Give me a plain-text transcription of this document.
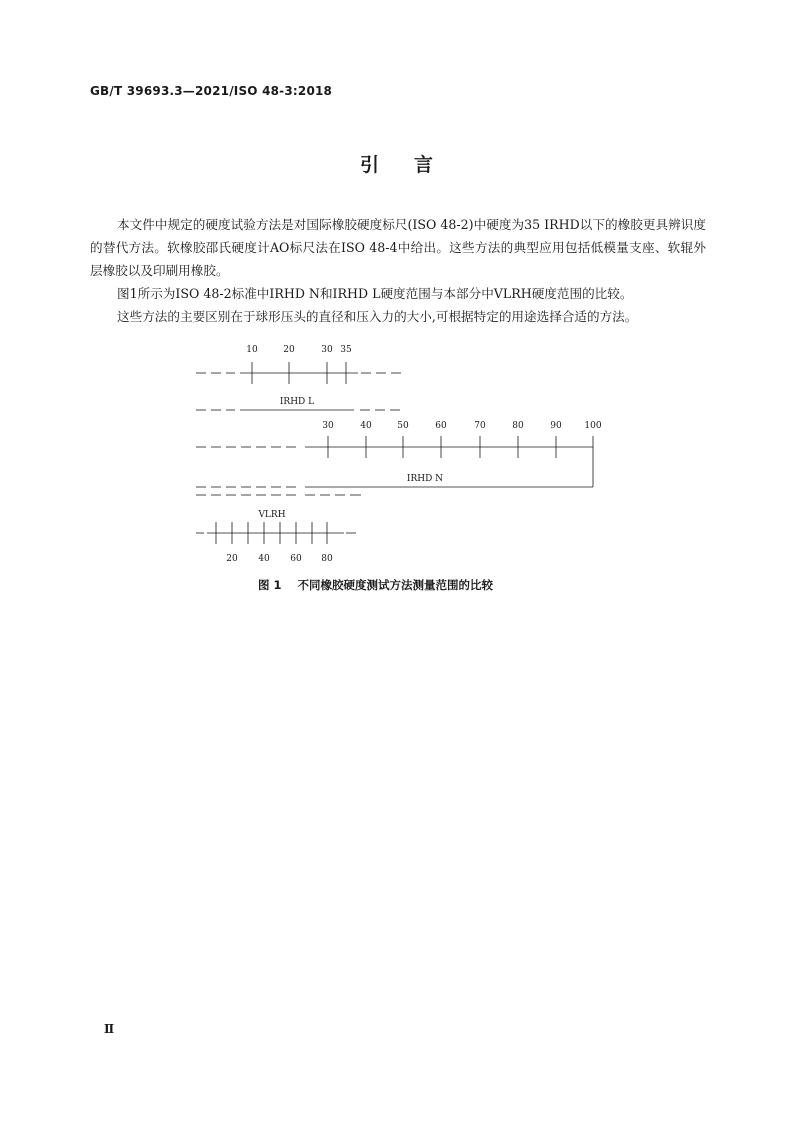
GB/T 39693.3—2021/ISO 48-3:2018
引 言

本文件中规定的硬度试验方法是对国际橡胶硬度标尺(ISO 48-2)中硬度为35 IRHD以下的橡胶更具辨识度的替代方法。软橡胶邵氏硬度计AO标尺法在ISO 48-4中给出。这些方法的典型应用包括低模量支座、软辊外层橡胶以及印刷用橡胶。

图1所示为ISO 48-2标准中IRHD N和IRHD L硬度范围与本部分中VLRH硬度范围的比较。

这些方法的主要区别在于球形压头的直径和压入力的大小,可根据特定的用途选择合适的方法。

10	20	30 35
IRHD L
30	40	50	60	70	80	90	100
IRHD N
VLRH
20 40 60 80
图 1 不同橡胶硬度测试方法测量范围的比较
Ⅱ
